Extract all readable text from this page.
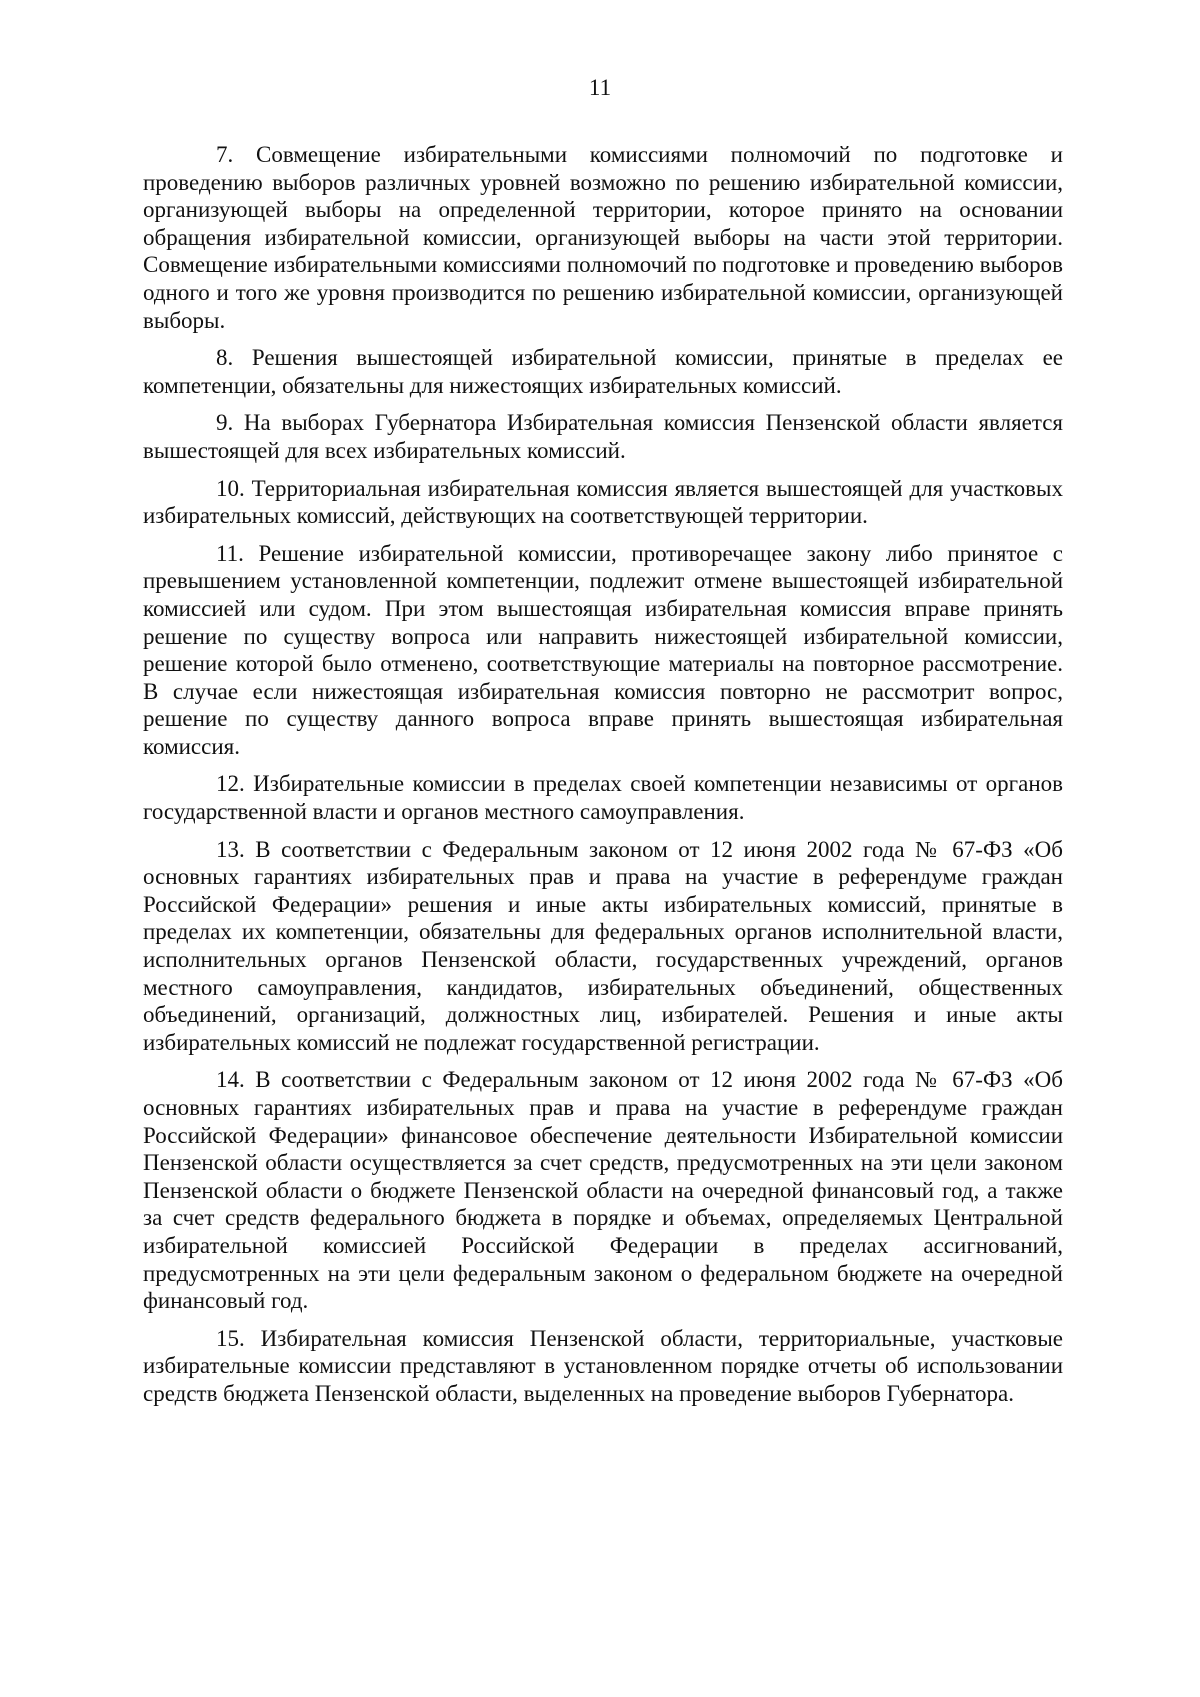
11

7. Совмещение избирательными комиссиями полномочий по подготовке и проведению выборов различных уровней возможно по решению избирательной комиссии, организующей выборы на определенной территории, которое принято на основании обращения избирательной комиссии, организующей выборы на части этой территории. Совмещение избирательными комиссиями полномочий по подготовке и проведению выборов одного и того же уровня производится по решению избирательной комиссии, организующей выборы.

8. Решения вышестоящей избирательной комиссии, принятые в пределах ее компетенции, обязательны для нижестоящих избирательных комиссий.

9. На выборах Губернатора Избирательная комиссия Пензенской области является вышестоящей для всех избирательных комиссий.

10. Территориальная избирательная комиссия является вышестоящей для участковых избирательных комиссий, действующих на соответствующей территории.

11. Решение избирательной комиссии, противоречащее закону либо принятое с превышением установленной компетенции, подлежит отмене вышестоящей избирательной комиссией или судом. При этом вышестоящая избирательная комиссия вправе принять решение по существу вопроса или направить нижестоящей избирательной комиссии, решение которой было отменено, соответствующие материалы на повторное рассмотрение. В случае если нижестоящая избирательная комиссия повторно не рассмотрит вопрос, решение по существу данного вопроса вправе принять вышестоящая избирательная комиссия.

12. Избирательные комиссии в пределах своей компетенции независимы от органов государственной власти и органов местного самоуправления.

13. В соответствии с Федеральным законом от 12 июня 2002 года № 67-ФЗ «Об основных гарантиях избирательных прав и права на участие в референдуме граждан Российской Федерации» решения и иные акты избирательных комиссий, принятые в пределах их компетенции, обязательны для федеральных органов исполнительной власти, исполнительных органов Пензенской области, государственных учреждений, органов местного самоуправления, кандидатов, избирательных объединений, общественных объединений, организаций, должностных лиц, избирателей. Решения и иные акты избирательных комиссий не подлежат государственной регистрации.

14. В соответствии с Федеральным законом от 12 июня 2002 года № 67-ФЗ «Об основных гарантиях избирательных прав и права на участие в референдуме граждан Российской Федерации» финансовое обеспечение деятельности Избирательной комиссии Пензенской области осуществляется за счет средств, предусмотренных на эти цели законом Пензенской области о бюджете Пензенской области на очередной финансовый год, а также за счет средств федерального бюджета в порядке и объемах, определяемых Центральной избирательной комиссией Российской Федерации в пределах ассигнований, предусмотренных на эти цели федеральным законом о федеральном бюджете на очередной финансовый год.

15. Избирательная комиссия Пензенской области, территориальные, участковые избирательные комиссии представляют в установленном порядке отчеты об использовании средств бюджета Пензенской области, выделенных на проведение выборов Губернатора.
